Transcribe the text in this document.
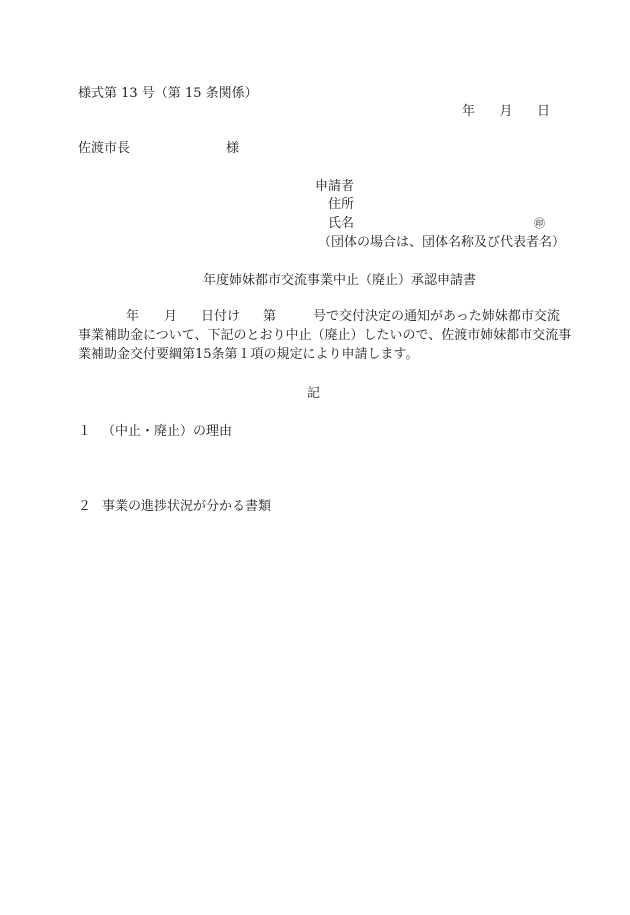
様式第 13 号（第 15 条関係）
年 月 日
佐渡市長	様
申請者
住所
氏名	㊞
（団体の場合は、団体名称及び代表者名）
年度姉妹都市交流事業中止（廃止）承認申請書
年 月 日付け 第	号で交付決定の通知があった姉妹都市交流
事業補助金について、下記のとおり中止（廃止）したいので、佐渡市姉妹都市交流事
業補助金交付要綱第15条第１項の規定により申請します。
記
１ （中止・廃止）の理由
２ 事業の進捗状況が分かる書類
